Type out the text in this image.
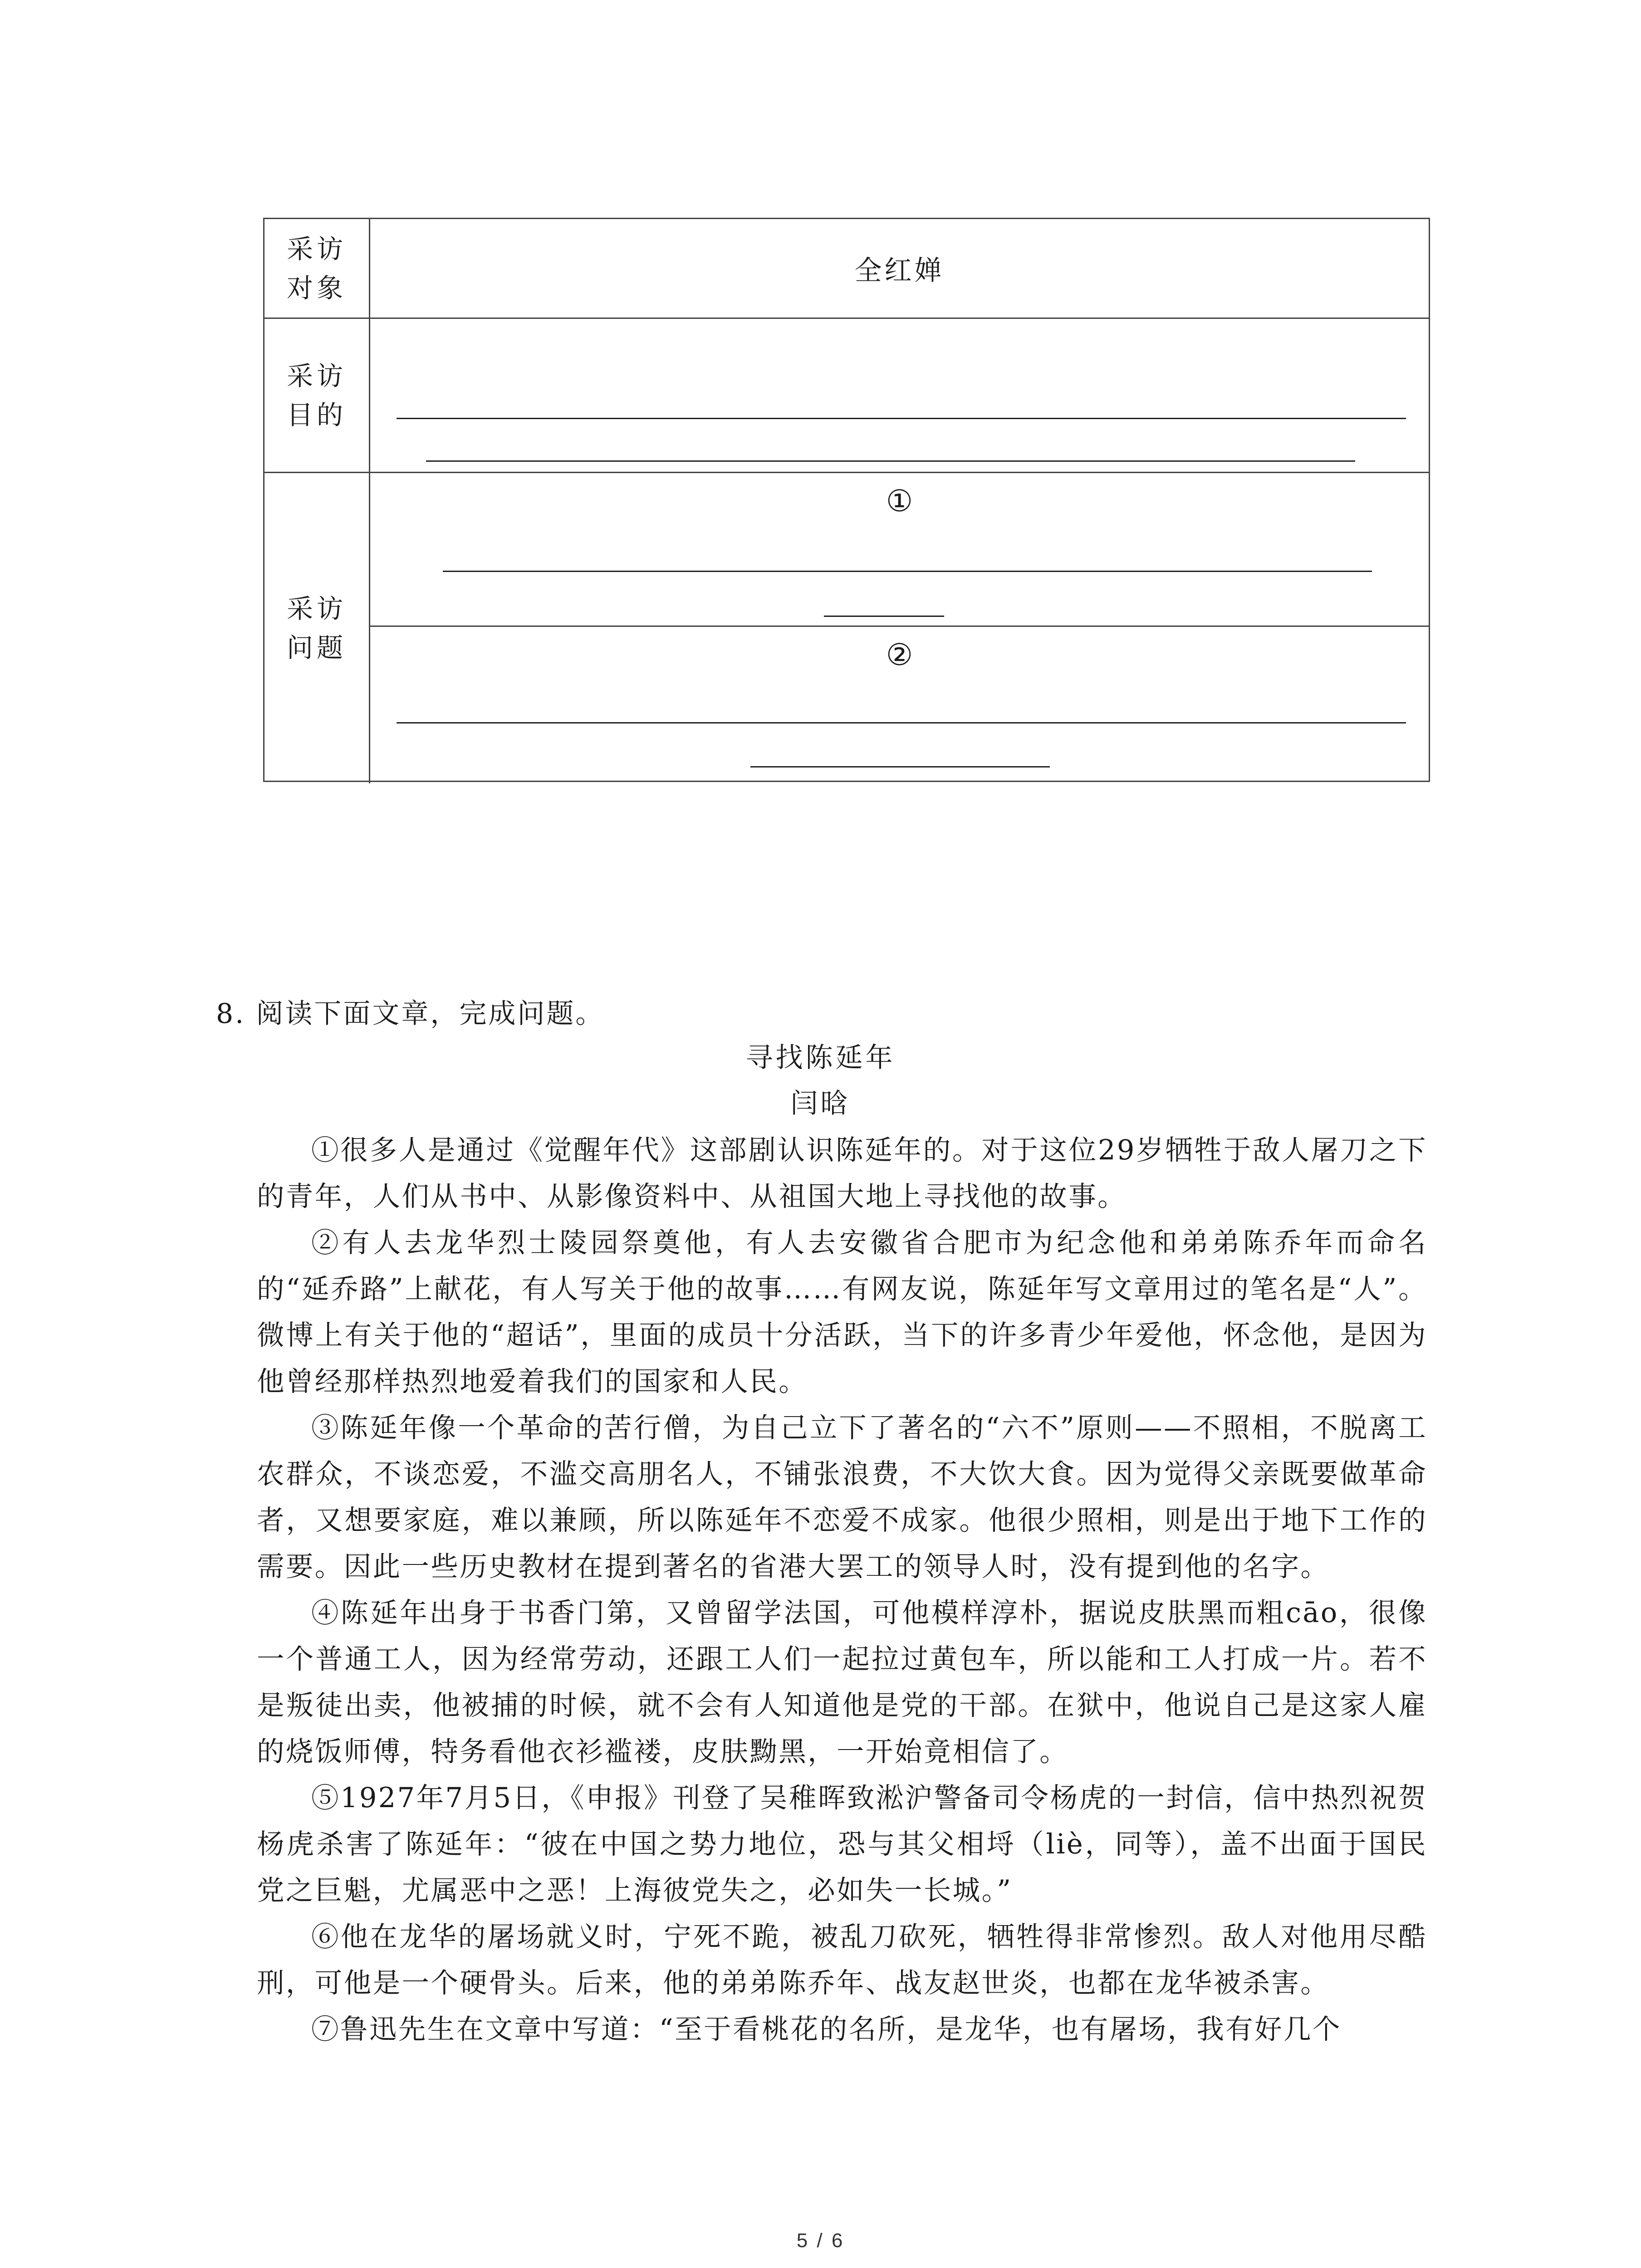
采访对象
全红婵
采访目的
采访问题
①
②
8. 阅读下面文章，完成问题。
寻找陈延年
闫晗

①很多人是通过《觉醒年代》这部剧认识陈延年的。对于这位29岁牺牲于敌人屠刀之下的青年，人们从书中、从影像资料中、从祖国大地上寻找他的故事。

②有人去龙华烈士陵园祭奠他，有人去安徽省合肥市为纪念他和弟弟陈乔年而命名的“延乔路”上献花，有人写关于他的故事……有网友说，陈延年写文章用过的笔名是“人”。微博上有关于他的“超话”，里面的成员十分活跃，当下的许多青少年爱他，怀念他，是因为他曾经那样热烈地爱着我们的国家和人民。

③陈延年像一个革命的苦行僧，为自己立下了著名的“六不”原则——不照相，不脱离工农群众，不谈恋爱，不滥交高朋名人，不铺张浪费，不大饮大食。因为觉得父亲既要做革命者，又想要家庭，难以兼顾，所以陈延年不恋爱不成家。他很少照相，则是出于地下工作的需要。因此一些历史教材在提到著名的省港大罢工的领导人时，没有提到他的名字。

④陈延年出身于书香门第，又曾留学法国，可他模样淳朴，据说皮肤黑而粗cāo，很像一个普通工人，因为经常劳动，还跟工人们一起拉过黄包车，所以能和工人打成一片。若不是叛徒出卖，他被捕的时候，就不会有人知道他是党的干部。在狱中，他说自己是这家人雇的烧饭师傅，特务看他衣衫褴褛，皮肤黝黑，一开始竟相信了。

⑤1927年7月5日，《申报》刊登了吴稚晖致淞沪警备司令杨虎的一封信，信中热烈祝贺杨虎杀害了陈延年：“彼在中国之势力地位，恐与其父相埒（liè，同等），盖不出面于国民党之巨魁，尤属恶中之恶！上海彼党失之，必如失一长城。”

⑥他在龙华的屠场就义时，宁死不跪，被乱刀砍死，牺牲得非常惨烈。敌人对他用尽酷刑，可他是一个硬骨头。后来，他的弟弟陈乔年、战友赵世炎，也都在龙华被杀害。

⑦鲁迅先生在文章中写道：“至于看桃花的名所，是龙华，也有屠场，我有好几个

5 / 6
